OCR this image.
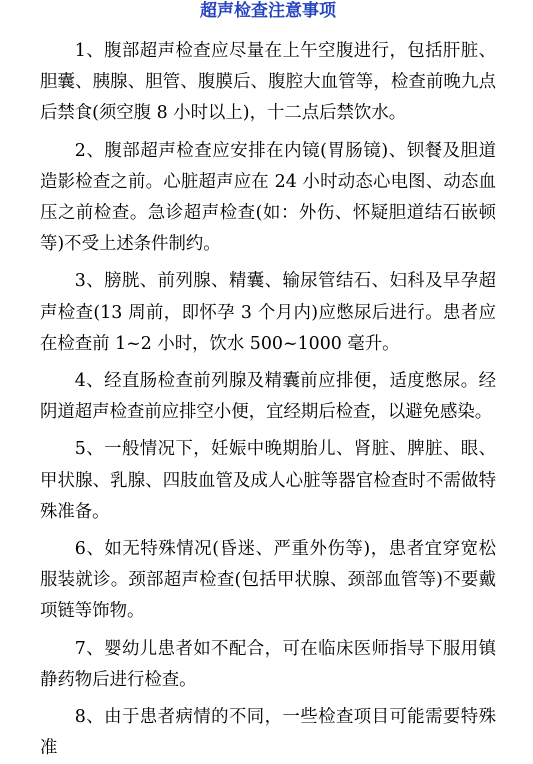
超声检查注意事项

1、腹部超声检查应尽量在上午空腹进行，包括肝脏、胆囊、胰腺、胆管、腹膜后、腹腔大血管等，检查前晚九点后禁食(须空腹 8 小时以上)，十二点后禁饮水。

2、腹部超声检查应安排在内镜(胃肠镜)、钡餐及胆道造影检查之前。心脏超声应在 24 小时动态心电图、动态血压之前检查。急诊超声检查(如：外伤、怀疑胆道结石嵌顿等)不受上述条件制约。

3、膀胱、前列腺、精囊、输尿管结石、妇科及早孕超声检查(13 周前，即怀孕 3 个月内)应憋尿后进行。患者应在检查前 1~2 小时，饮水 500~1000 毫升。

4、经直肠检查前列腺及精囊前应排便，适度憋尿。经阴道超声检查前应排空小便，宜经期后检查，以避免感染。

5、一般情况下，妊娠中晚期胎儿、肾脏、脾脏、眼、甲状腺、乳腺、四肢血管及成人心脏等器官检查时不需做特殊准备。

6、如无特殊情况(昏迷、严重外伤等)，患者宜穿宽松服装就诊。颈部超声检查(包括甲状腺、颈部血管等)不要戴项链等饰物。

7、婴幼儿患者如不配合，可在临床医师指导下服用镇静药物后进行检查。

8、由于患者病情的不同，一些检查项目可能需要特殊准
